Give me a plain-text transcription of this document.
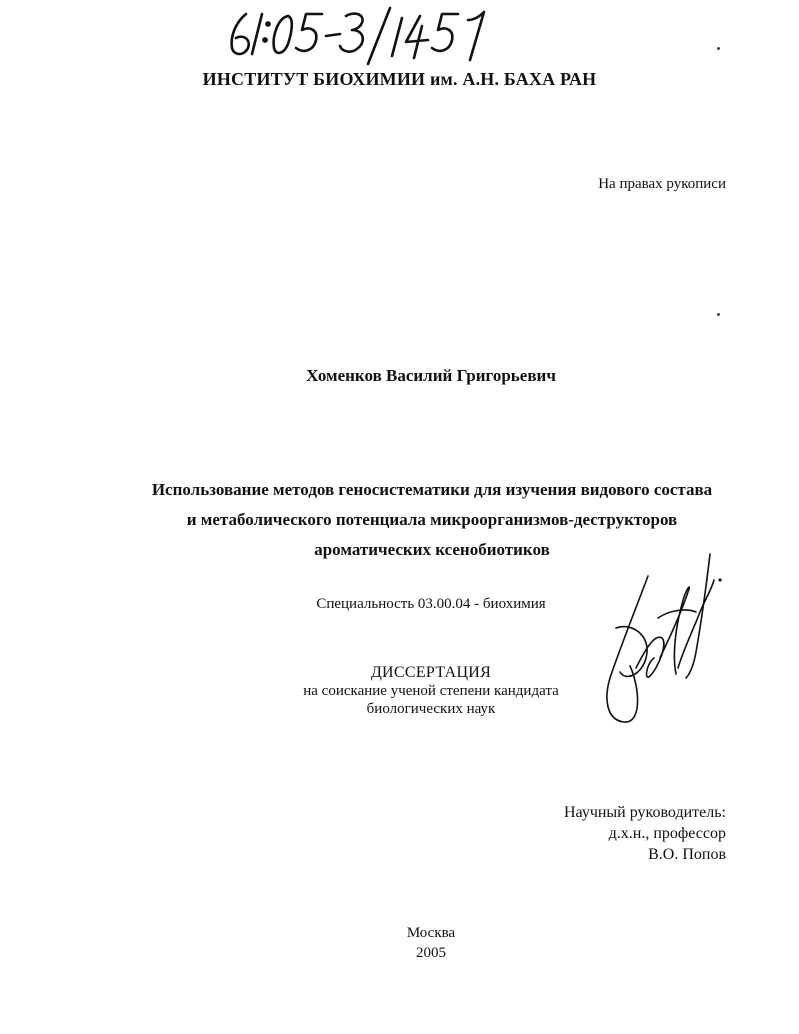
ИНСТИТУТ БИОХИМИИ им. А.Н. БАХА РАН
На правах рукописи
Хоменков Василий Григорьевич
Использование методов геносистематики для изучения видового состава
и метаболического потенциала микроорганизмов-деструкторов
ароматических ксенобиотиков
Специальность 03.00.04 - биохимия
ДИССЕРТАЦИЯ
на соискание ученой степени кандидата
биологических наук
Научный руководитель:
д.х.н., профессор
В.О. Попов
Москва
2005
